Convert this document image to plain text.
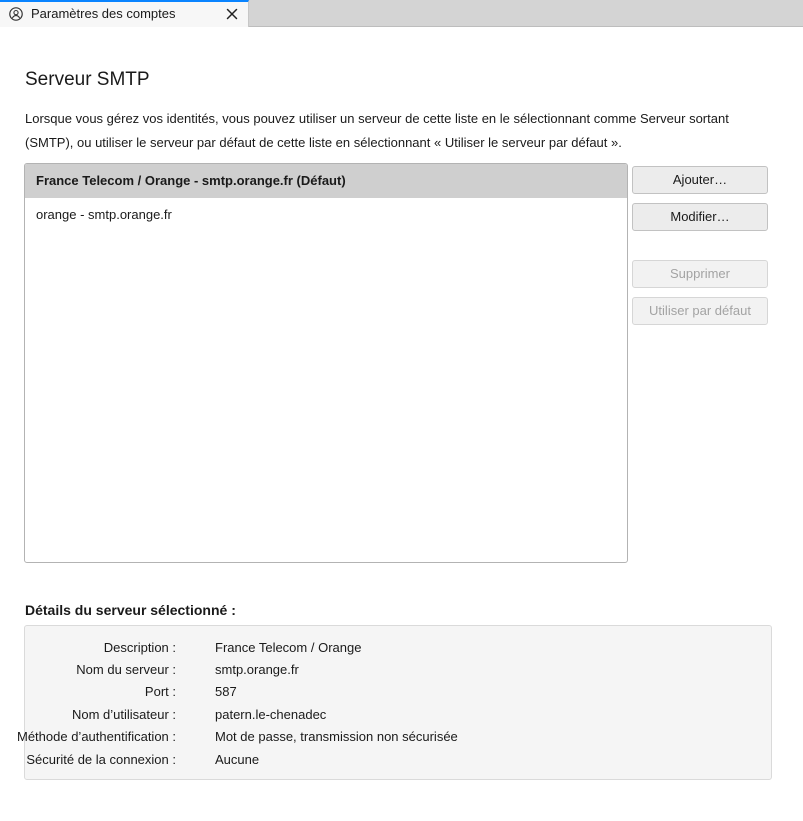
Paramètres des comptes
Serveur SMTP
Lorsque vous gérez vos identités, vous pouvez utiliser un serveur de cette liste en le sélectionnant comme Serveur sortant (SMTP), ou utiliser le serveur par défaut de cette liste en sélectionnant « Utiliser le serveur par défaut ».
France Telecom / Orange - smtp.orange.fr (Défaut)
orange - smtp.orange.fr
Ajouter…
Modifier…
Supprimer
Utiliser par défaut
Détails du serveur sélectionné :
Description :	France Telecom / Orange
Nom du serveur :	smtp.orange.fr
Port :	587
Nom d’utilisateur :	patern.le-chenadec
Méthode d’authentification :	Mot de passe, transmission non sécurisée
Sécurité de la connexion :	Aucune
